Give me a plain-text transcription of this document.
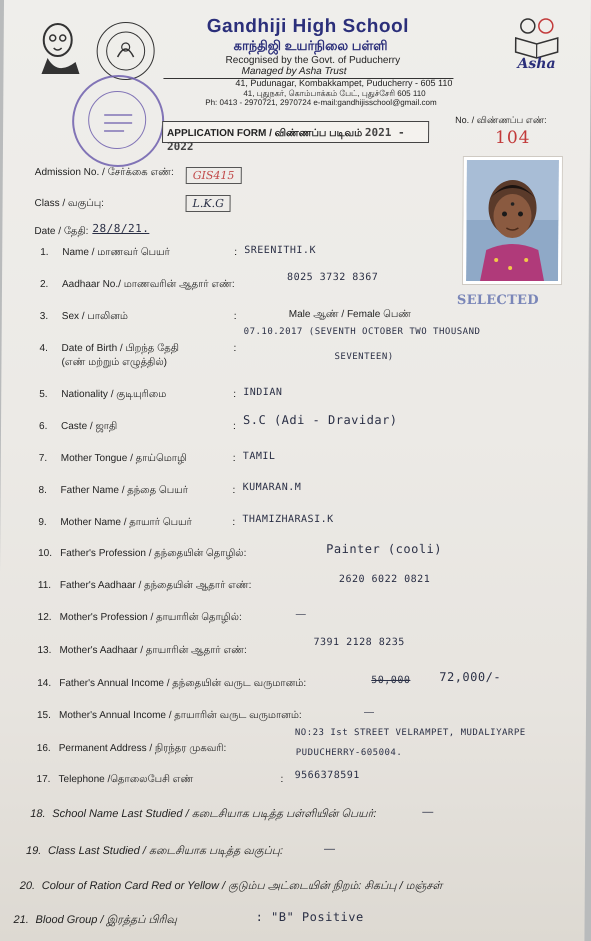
Asha
Gandhiji High School
காந்திஜி உயர்நிலை பள்ளி
Recognised by the Govt. of Puducherry
Managed by Asha Trust
41, Pudunagar, Kombakkampet, Puducherry - 605 110
41, புதுநகர், கொம்பாக்கம் பேட், புதுச்சேரி 605 110
Ph: 0413 - 2970721, 2970724 e-mail:gandhijisschool@gmail.com
APPLICATION FORM / விண்ணப்ப படிவம் 2021 - 2022
No. / விண்ணப்ப எண்:
104
SELECTED
Admission No. / சேர்க்கை எண்:	GIS415
Class / வகுப்பு:	L.K.G
Date / தேதி: 28/8/21.
1. Name / மாணவர் பெயர்	: SREENITHI.K
2. Aadhaar No./ மாணவரின் ஆதார் எண்:
8025 3732 8367
3. Sex / பாலினம்	:	Male ஆண் / Female பெண்
4. Date of Birth / பிறந்த தேதி
(எண் மற்றும் எழுத்தில்)
:
07.10.2017 (SEVENTH OCTOBER TWO THOUSAND
SEVENTEEN)
5. Nationality / குடியுரிமை	: INDIAN
6. Caste / ஜாதி	: S.C (Adi - Dravidar)
7. Mother Tongue / தாய்மொழி	: TAMIL
8. Father Name / தந்தை பெயர்	: KUMARAN.M
9. Mother Name / தாயார் பெயர்	: THAMIZHARASI.K
10. Father's Profession / தந்தையின் தொழில்:	Painter (cooli)
11. Father's Aadhaar / தந்தையின் ஆதார் எண்:
2620 6022 0821
12. Mother's Profession / தாயாரின் தொழில்:	—
13. Mother's Aadhaar / தாயாரின் ஆதார் எண்:
7391 2128 8235
14. Father's Annual Income / தந்தையின் வருட வருமானம்:	50,000 72,000/-
15. Mother's Annual Income / தாயாரின் வருட வருமானம்:	—
16. Permanent Address / நிரந்தர முகவரி:
NO:23 Ist STREET VELRAMPET, MUDALIYARPE
PUDUCHERRY-605004.
17. Telephone /தொலைபேசி எண்	: 9566378591
18. School Name Last Studied / கடைசியாக படித்த பள்ளியின் பெயர்:	—
19. Class Last Studied / கடைசியாக படித்த வகுப்பு:	—
20. Colour of Ration Card Red or Yellow / குடும்ப அட்டையின் நிறம்: சிகப்பு / மஞ்சள்
21. Blood Group / இரத்தப் பிரிவு	: "B" Positive
